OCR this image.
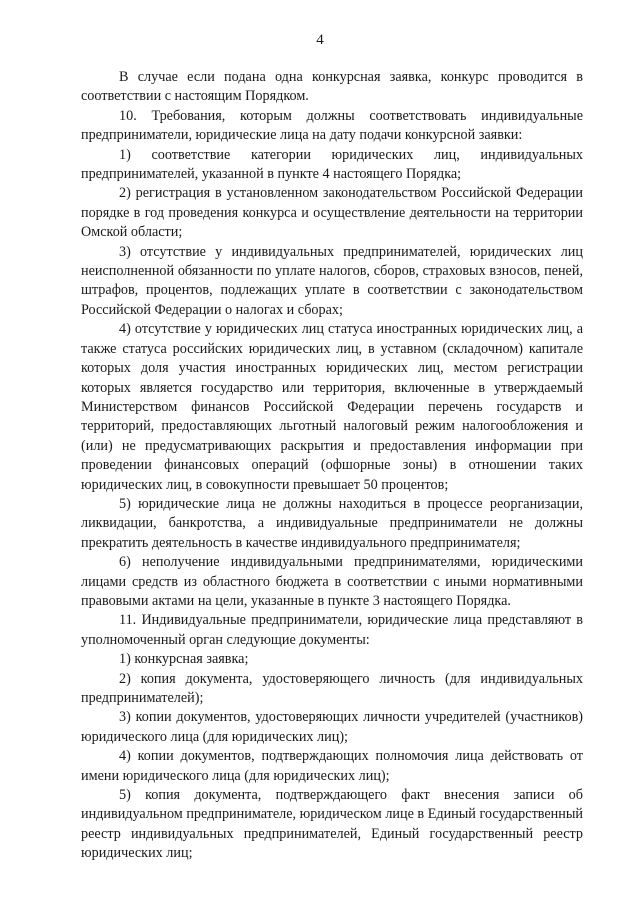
4

В случае если подана одна конкурсная заявка, конкурс проводится в соответствии с настоящим Порядком.

10. Требования, которым должны соответствовать индивидуальные предприниматели, юридические лица на дату подачи конкурсной заявки:

1) соответствие категории юридических лиц, индивидуальных предпринимателей, указанной в пункте 4 настоящего Порядка;

2) регистрация в установленном законодательством Российской Федерации порядке в год проведения конкурса и осуществление деятельности на территории Омской области;

3) отсутствие у индивидуальных предпринимателей, юридических лиц неисполненной обязанности по уплате налогов, сборов, страховых взносов, пеней, штрафов, процентов, подлежащих уплате в соответствии с законодательством Российской Федерации о налогах и сборах;

4) отсутствие у юридических лиц статуса иностранных юридических лиц, а также статуса российских юридических лиц, в уставном (складочном) капитале которых доля участия иностранных юридических лиц, местом регистрации которых является государство или территория, включенные в утверждаемый Министерством финансов Российской Федерации перечень государств и территорий, предоставляющих льготный налоговый режим налогообложения и (или) не предусматривающих раскрытия и предоставления информации при проведении финансовых операций (офшорные зоны) в отношении таких юридических лиц, в совокупности превышает 50 процентов;

5) юридические лица не должны находиться в процессе реорганизации, ликвидации, банкротства, а индивидуальные предприниматели не должны прекратить деятельность в качестве индивидуального предпринимателя;

6) неполучение индивидуальными предпринимателями, юридическими лицами средств из областного бюджета в соответствии с иными нормативными правовыми актами на цели, указанные в пункте 3 настоящего Порядка.

11. Индивидуальные предприниматели, юридические лица представляют в уполномоченный орган следующие документы:

1) конкурсная заявка;

2) копия документа, удостоверяющего личность (для индивидуальных предпринимателей);

3) копии документов, удостоверяющих личности учредителей (участников) юридического лица (для юридических лиц);

4) копии документов, подтверждающих полномочия лица действовать от имени юридического лица (для юридических лиц);

5) копия документа, подтверждающего факт внесения записи об индивидуальном предпринимателе, юридическом лице в Единый государственный реестр индивидуальных предпринимателей, Единый государственный реестр юридических лиц;
